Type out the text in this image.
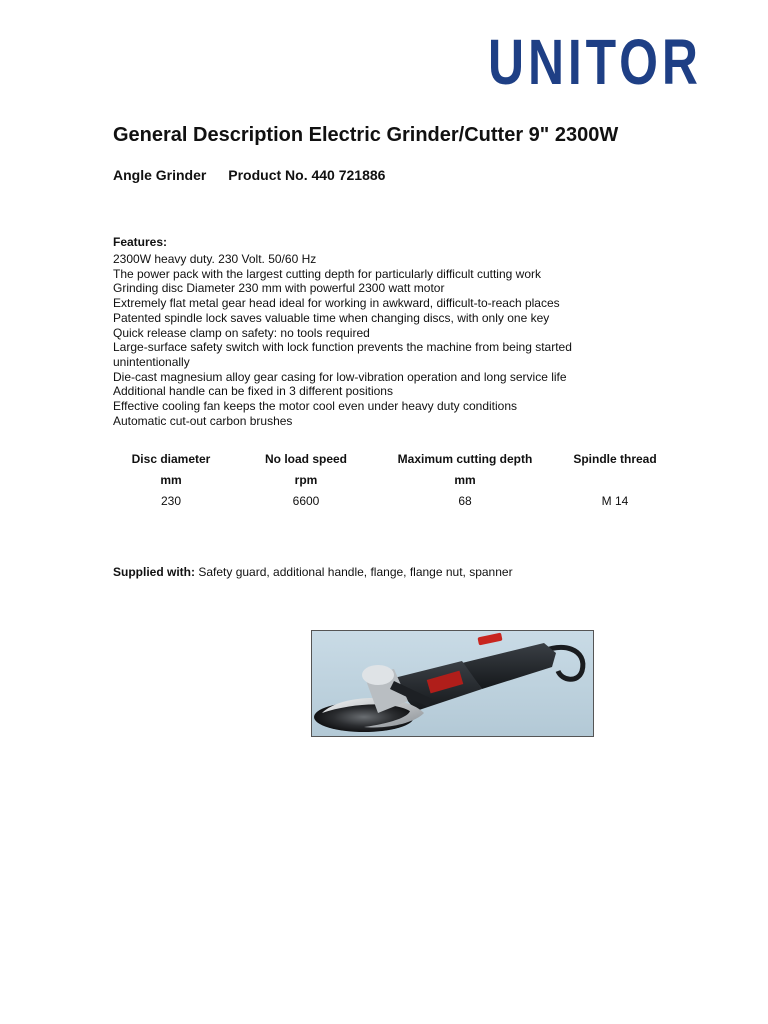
UNITOR
General Description Electric Grinder/Cutter 9" 2300W
Angle Grinder Product No. 440 721886
Features:
2300W heavy duty. 230 Volt. 50/60 Hz
The power pack with the largest cutting depth for particularly difficult cutting work
Grinding disc Diameter 230 mm with powerful 2300 watt motor
Extremely flat metal gear head ideal for working in awkward, difficult-to-reach places
Patented spindle lock saves valuable time when changing discs, with only one key
Quick release clamp on safety: no tools required
Large-surface safety switch with lock function prevents the machine from being started unintentionally
Die-cast magnesium alloy gear casing for low-vibration operation and long service life
Additional handle can be fixed in 3 different positions
Effective cooling fan keeps the motor cool even under heavy duty conditions
Automatic cut-out carbon brushes
Disc diameter	No load speed	Maximum cutting depth	Spindle thread
mm	rpm	mm	
230	6600	68	M 14
Supplied with: Safety guard, additional handle, flange, flange nut, spanner
